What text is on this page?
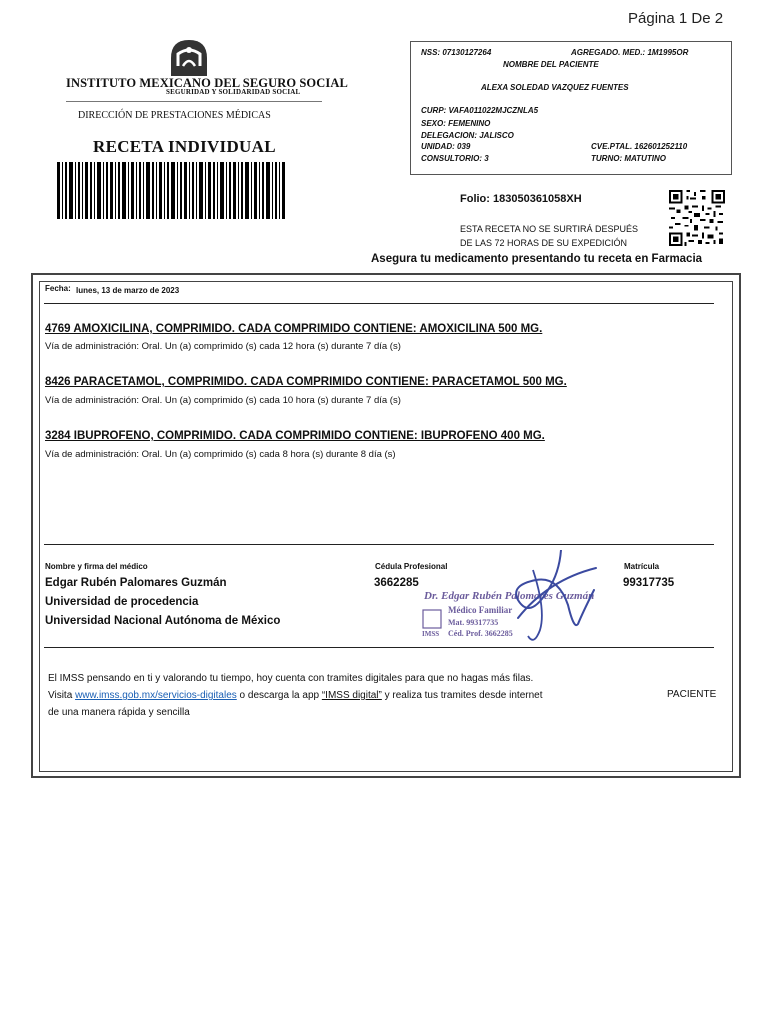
Página 1 De 2
INSTITUTO MEXICANO DEL SEGURO SOCIAL
SEGURIDAD Y SOLIDARIDAD SOCIAL
DIRECCIÓN DE PRESTACIONES MÉDICAS
RECETA INDIVIDUAL
NSS: 07130127264	AGREGADO. MED.: 1M1995OR
NOMBRE DEL PACIENTE
ALEXA SOLEDAD VAZQUEZ FUENTES
CURP: VAFA011022MJCZNLA5
SEXO: FEMENINO
DELEGACION: JALISCO
UNIDAD: 039	CVE.PTAL. 162601252110
CONSULTORIO: 3	TURNO: MATUTINO
Folio: 183050361058XH
ESTA RECETA NO SE SURTIRÁ DESPUÉS
DE LAS 72 HORAS DE SU EXPEDICIÓN
Asegura tu medicamento presentando tu receta en Farmacia
Fecha: lunes, 13 de marzo de 2023
4769 AMOXICILINA, COMPRIMIDO. CADA COMPRIMIDO CONTIENE: AMOXICILINA 500 MG.
Vía de administración: Oral. Un (a) comprimido (s) cada 12 hora (s) durante 7 día (s)
8426 PARACETAMOL, COMPRIMIDO. CADA COMPRIMIDO CONTIENE: PARACETAMOL 500 MG.
Vía de administración: Oral. Un (a) comprimido (s) cada 10 hora (s) durante 7 día (s)
3284 IBUPROFENO, COMPRIMIDO. CADA COMPRIMIDO CONTIENE: IBUPROFENO 400 MG.
Vía de administración: Oral. Un (a) comprimido (s) cada 8 hora (s) durante 8 día (s)
Nombre y firma del médico	Cédula Profesional	Matrícula
Edgar Rubén Palomares Guzmán
Universidad de procedencia
Universidad Nacional Autónoma de México
3662285	99317735
Dr. Edgar Rubén Palomares Guzmán
Médico Familiar
Mat. 99317735
Céd. Prof. 3662285
IMSS
El IMSS pensando en ti y valorando tu tiempo, hoy cuenta con tramites digitales para que no hagas más filas.
Visita www.imss.gob.mx/servicios-digitales o descarga la app “IMSS digital” y realiza tus tramites desde internet
de una manera rápida y sencilla
PACIENTE
